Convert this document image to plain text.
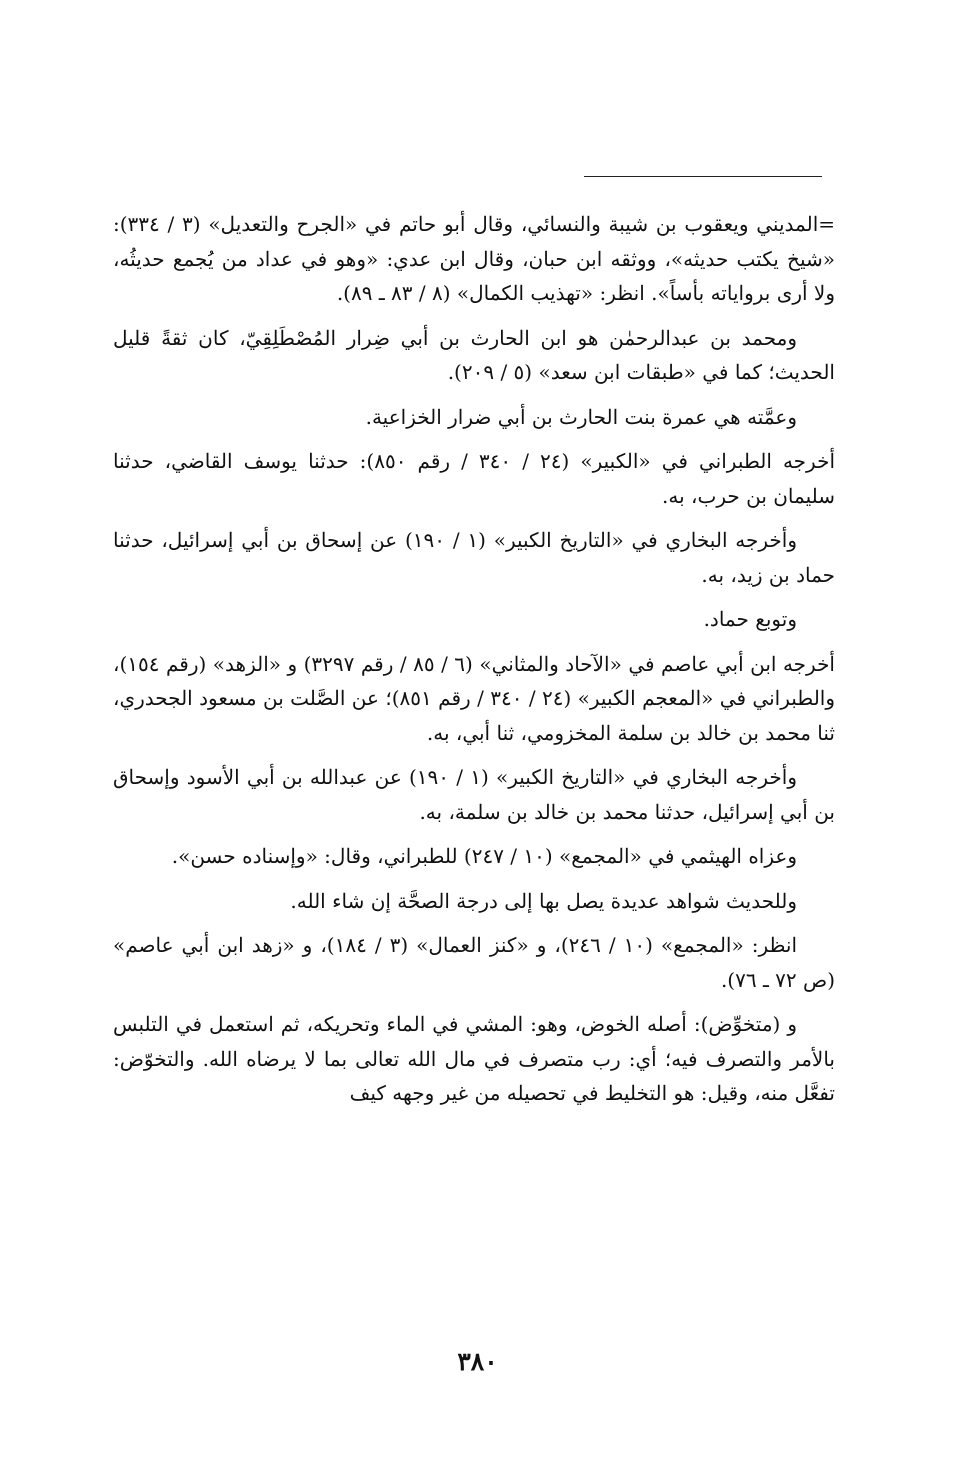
=المديني ويعقوب بن شيبة والنسائي، وقال أبو حاتم في «الجرح والتعديل» (٣ / ٣٣٤): «شيخ يكتب حديثه»، ووثقه ابن حبان، وقال ابن عدي: «وهو في عداد من يُجمع حديثُه، ولا أرى برواياته بأساً». انظر: «تهذيب الكمال» (٨ / ٨٣ ـ ٨٩).

ومحمد بن عبدالرحمٰن هو ابن الحارث بن أبي ضِرار المُصْطَلِقِيّ، كان ثقةً قليل الحديث؛ كما في «طبقات ابن سعد» (٥ / ٢٠٩).

وعمَّته هي عمرة بنت الحارث بن أبي ضرار الخزاعية.

أخرجه الطبراني في «الكبير» (٢٤ / ٣٤٠ / رقم ٨٥٠): حدثنا يوسف القاضي، حدثنا سليمان بن حرب، به.

وأخرجه البخاري في «التاريخ الكبير» (١ / ١٩٠) عن إسحاق بن أبي إسرائيل، حدثنا حماد بن زيد، به.

وتوبع حماد.

أخرجه ابن أبي عاصم في «الآحاد والمثاني» (٦ / ٨٥ / رقم ٣٢٩٧) و «الزهد» (رقم ١٥٤)، والطبراني في «المعجم الكبير» (٢٤ / ٣٤٠ / رقم ٨٥١)؛ عن الصَّلت بن مسعود الجحدري، ثنا محمد بن خالد بن سلمة المخزومي، ثنا أبي، به.

وأخرجه البخاري في «التاريخ الكبير» (١ / ١٩٠) عن عبدالله بن أبي الأسود وإسحاق بن أبي إسرائيل، حدثنا محمد بن خالد بن سلمة، به.

وعزاه الهيثمي في «المجمع» (١٠ / ٢٤٧) للطبراني، وقال: «وإسناده حسن».

وللحديث شواهد عديدة يصل بها إلى درجة الصحَّة إن شاء الله.

انظر: «المجمع» (١٠ / ٢٤٦)، و «كنز العمال» (٣ / ١٨٤)، و «زهد ابن أبي عاصم» (ص ٧٢ ـ ٧٦).

و (متخوِّض): أصله الخوض، وهو: المشي في الماء وتحريكه، ثم استعمل في التلبس بالأمر والتصرف فيه؛ أي: رب متصرف في مال الله تعالى بما لا يرضاه الله. والتخوّض: تفعَّل منه، وقيل: هو التخليط في تحصيله من غير وجهه كيف

٣٨٠
